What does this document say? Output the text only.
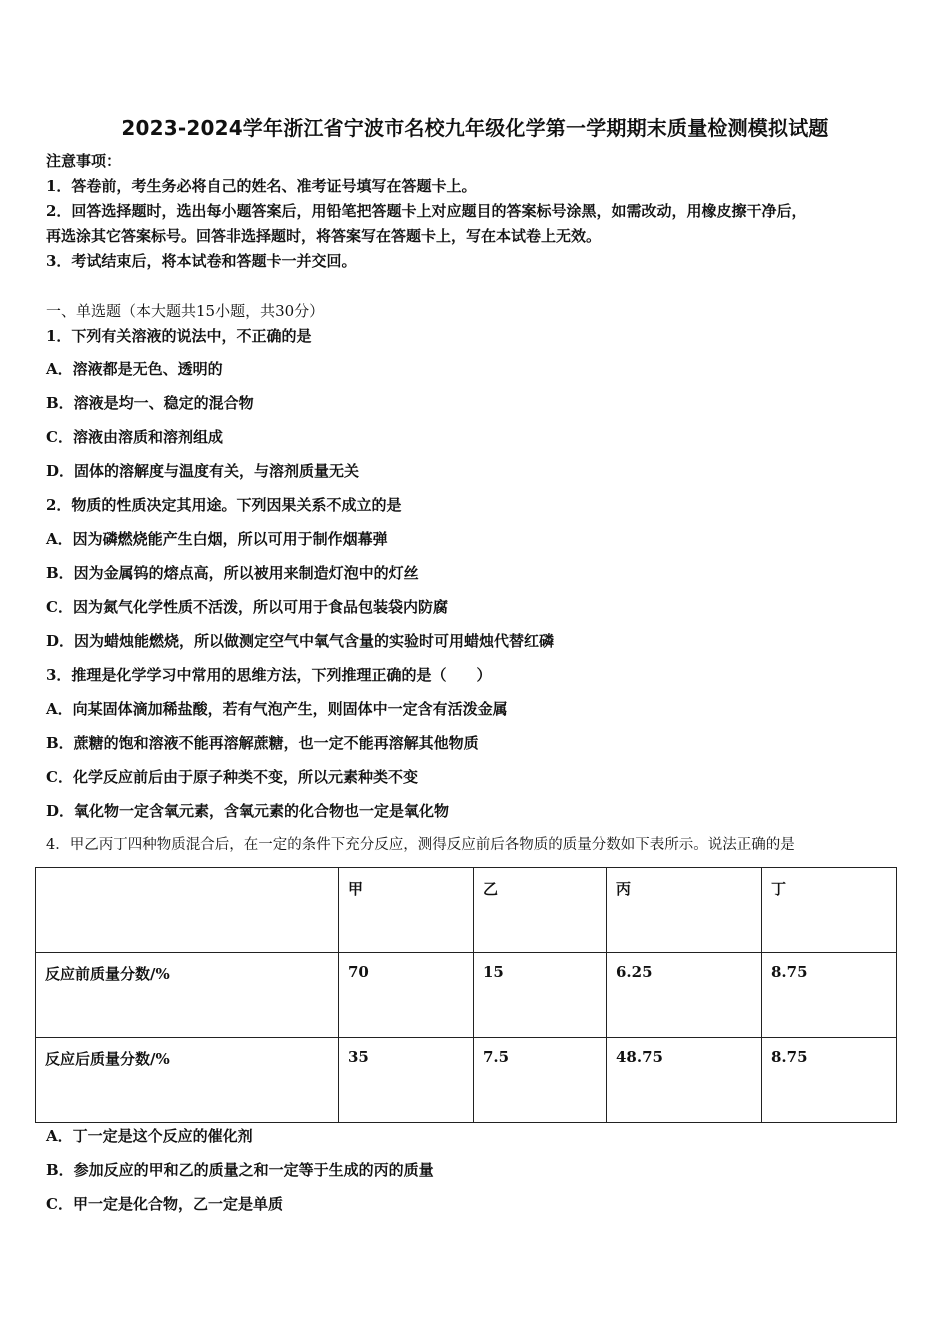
2023-2024学年浙江省宁波市名校九年级化学第一学期期末质量检测模拟试题
注意事项：
1．答卷前，考生务必将自己的姓名、准考证号填写在答题卡上。
2．回答选择题时，选出每小题答案后，用铅笔把答题卡上对应题目的答案标号涂黑，如需改动，用橡皮擦干净后，
再选涂其它答案标号。回答非选择题时，将答案写在答题卡上，写在本试卷上无效。
3．考试结束后，将本试卷和答题卡一并交回。
一、单选题（本大题共15小题，共30分）
1．下列有关溶液的说法中，不正确的是
A．溶液都是无色、透明的
B．溶液是均一、稳定的混合物
C．溶液由溶质和溶剂组成
D．固体的溶解度与温度有关，与溶剂质量无关
2．物质的性质决定其用途。下列因果关系不成立的是
A．因为磷燃烧能产生白烟，所以可用于制作烟幕弹
B．因为金属钨的熔点高，所以被用来制造灯泡中的灯丝
C．因为氮气化学性质不活泼，所以可用于食品包装袋内防腐
D．因为蜡烛能燃烧，所以做测定空气中氧气含量的实验时可用蜡烛代替红磷
3．推理是化学学习中常用的思维方法，下列推理正确的是（　　）
A．向某固体滴加稀盐酸，若有气泡产生，则固体中一定含有活泼金属
B．蔗糖的饱和溶液不能再溶解蔗糖，也一定不能再溶解其他物质
C．化学反应前后由于原子种类不变，所以元素种类不变
D．氧化物一定含氧元素，含氧元素的化合物也一定是氧化物
4．甲乙丙丁四种物质混合后，在一定的条件下充分反应，测得反应前后各物质的质量分数如下表所示。说法正确的是
	甲	乙	丙	丁
反应前质量分数/%	70	15	6.25	8.75
反应后质量分数/%	35	7.5	48.75	8.75
A．丁一定是这个反应的催化剂
B．参加反应的甲和乙的质量之和一定等于生成的丙的质量
C．甲一定是化合物，乙一定是单质
